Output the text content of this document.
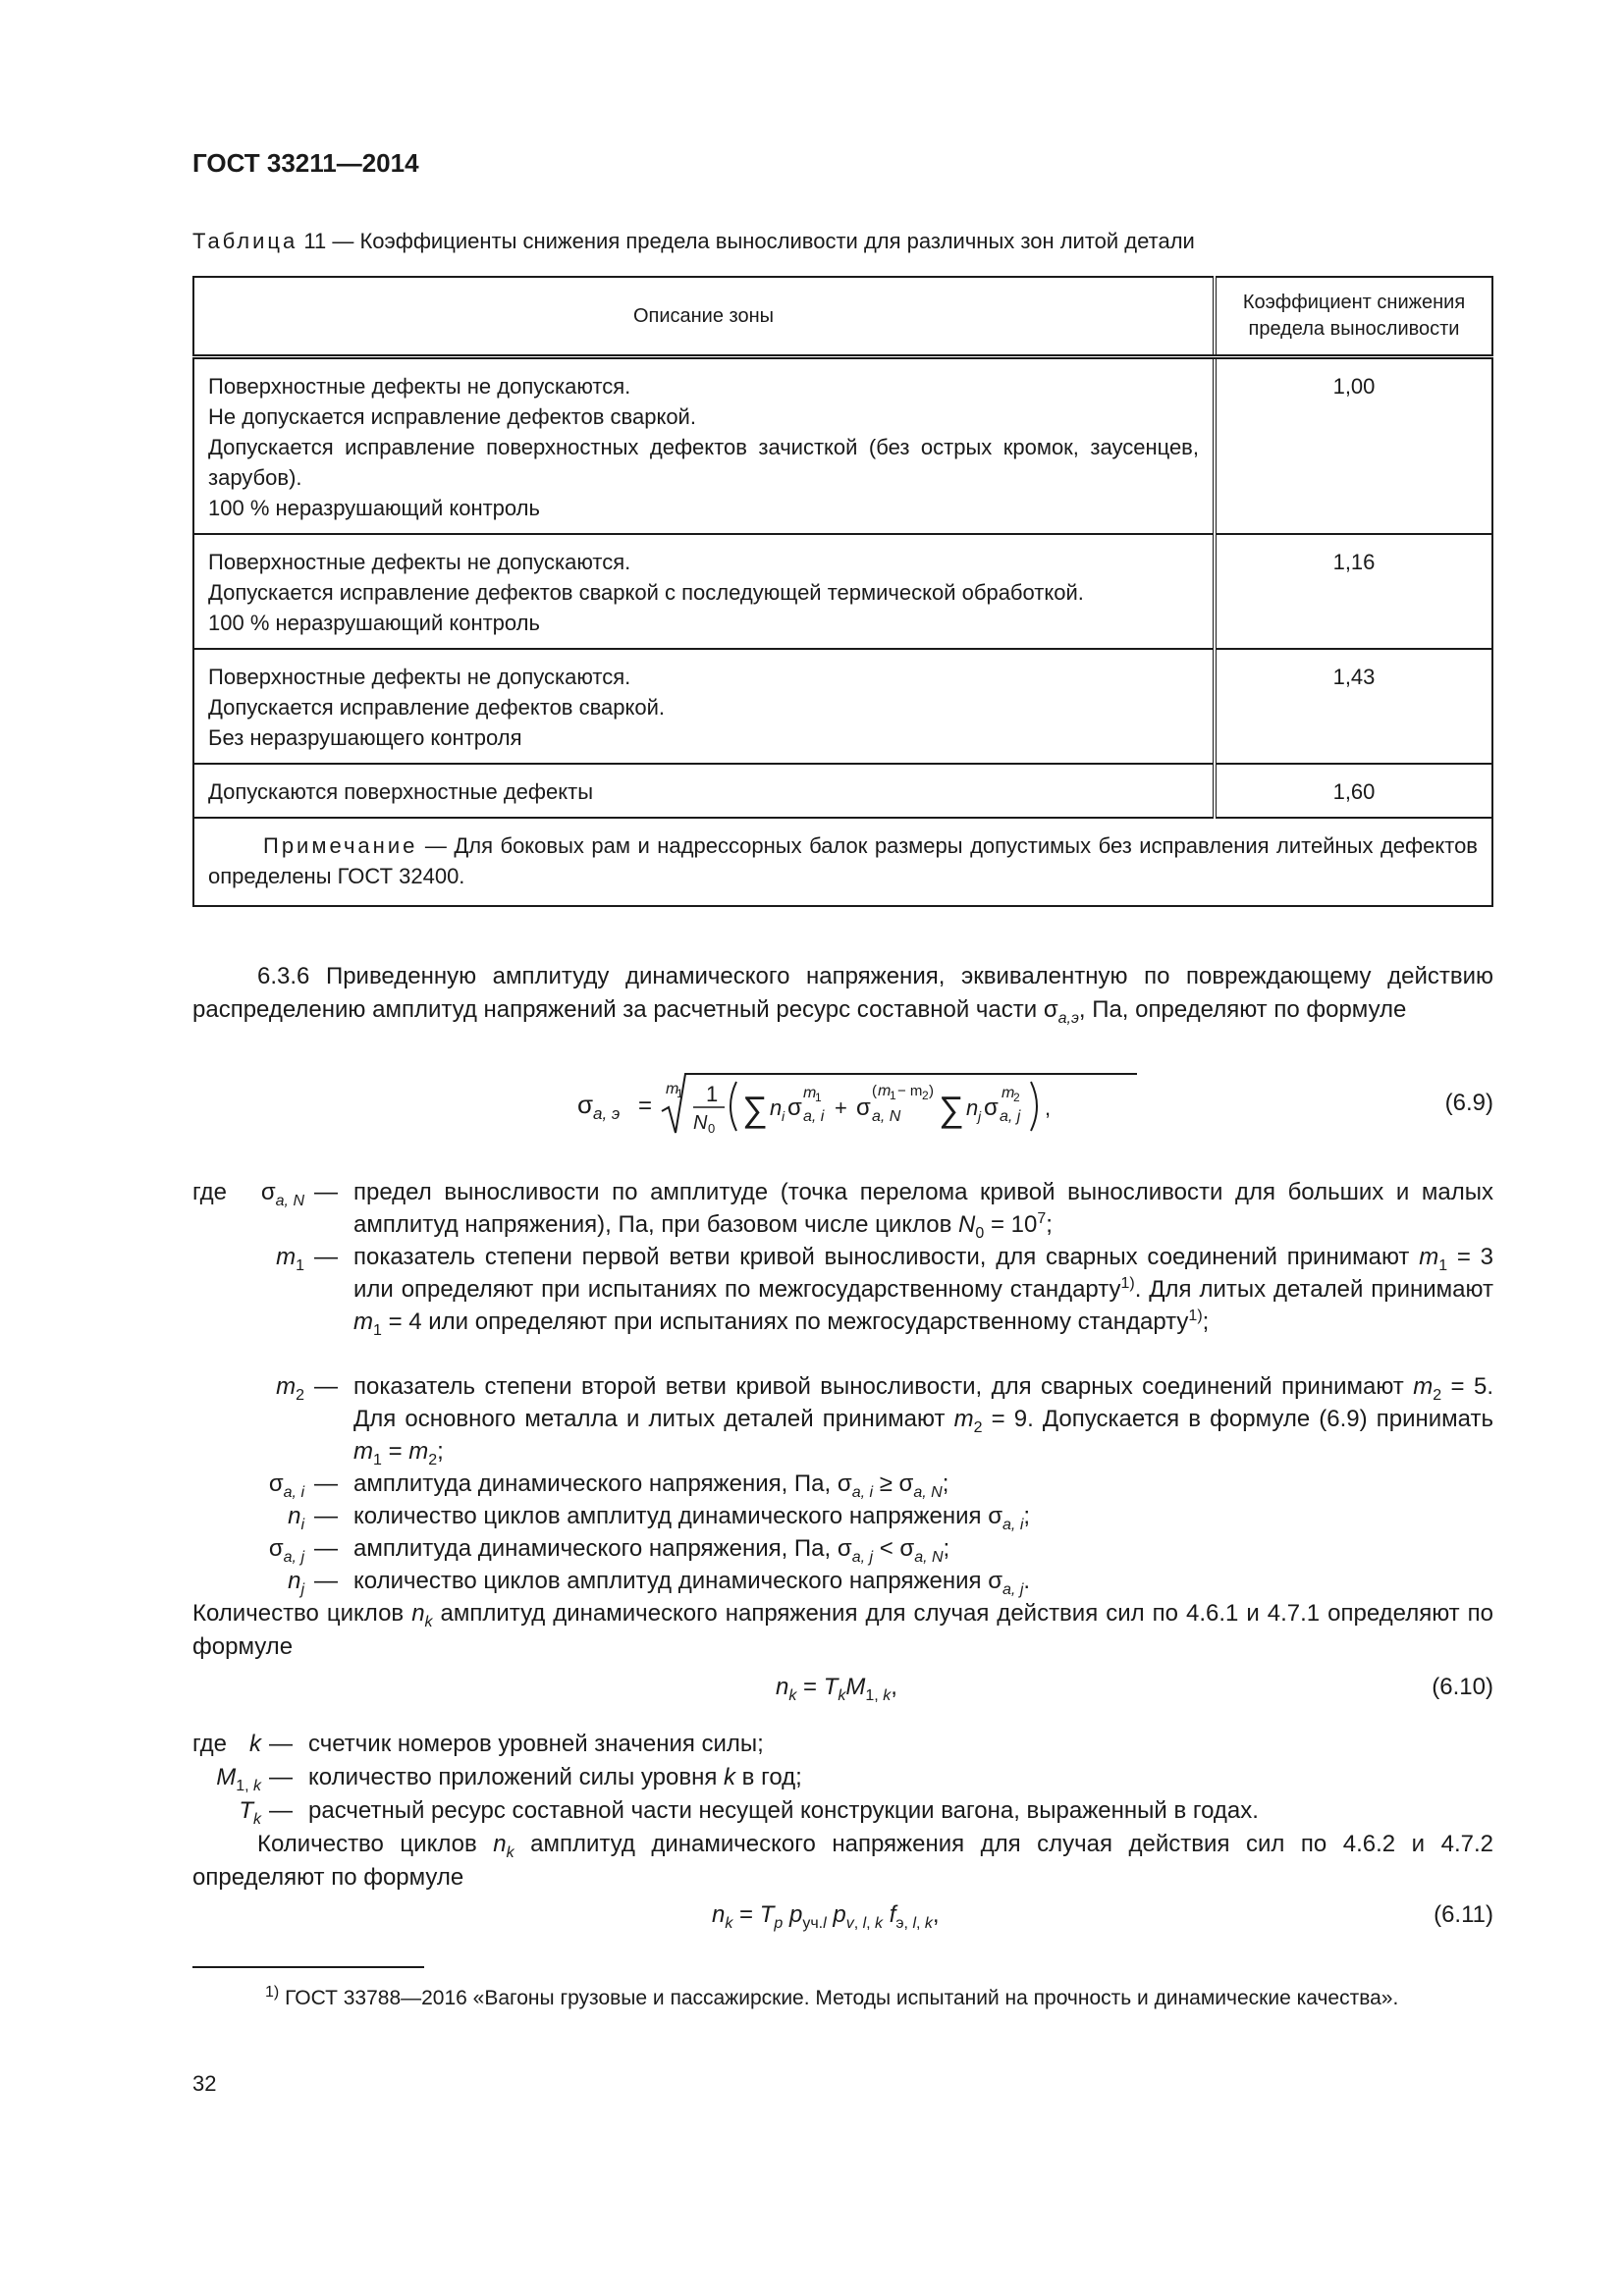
ГОСТ 33211—2014
Таблица 11 — Коэффициенты снижения предела выносливости для различных зон литой детали
Описание зоны	Коэффициент снижения
предела выносливости

Поверхностные дефекты не допускаются.
Не допускается исправление дефектов сваркой.
Допускается исправление поверхностных дефектов зачисткой (без острых кромок, заусенцев, зарубов).
100 % неразрушающий контроль	1,00

Поверхностные дефекты не допускаются.
Допускается исправление дефектов сваркой с последующей термической обработкой.
100 % неразрушающий контроль	1,16

Поверхностные дефекты не допускаются.
Допускается исправление дефектов сваркой.
Без неразрушающего контроля	1,43

Допускаются поверхностные дефекты	1,60
Примечание — Для боковых рам и надрессорных балок размеры допустимых без исправления литейных дефектов определены ГОСТ 32400.	
6.3.6 Приведенную амплитуду динамического напряжения, эквивалентную по повреждающему действию распределению амплитуд напряжений за расчетный ресурс составной части $\sigma_{a,э}$, Па, определяют по формуле
σ a, э =
m
1 1
N 0 ∑ n i σ
m
1
a, i + σ
( m
1 − m 2 )
a, N ∑ n j σ
m
2
a, j ,	(6.9)
где	$\sigma_{a, N}$ — предел выносливости по амплитуде (точка перелома кривой выносливости для больших и малых амплитуд напряжения), Па, при базовом числе циклов $N_0 = 10^7$;
$m_1$ — показатель степени первой ветви кривой выносливости, для сварных соединений принимают $m_1 = 3$ или определяют при испытаниях по межгосударственному стандарту$^{1)}$. Для литых деталей принимают $m_1 = 4$ или определяют при испытаниях по межгосударственному стандарту$^{1)}$;
$m_2$ — показатель степени второй ветви кривой выносливости, для сварных соединений принимают $m_2 = 5$. Для основного металла и литых деталей принимают $m_2 = 9$. Допускается в формуле (6.9) принимать $m_1 = m_2$;
$\sigma_{a, i}$ — амплитуда динамического напряжения, Па, $\sigma_{a, i} \ge \sigma_{a, N}$;
$n_i$ — количество циклов амплитуд динамического напряжения $\sigma_{a, i}$;
$\sigma_{a, j}$ — амплитуда динамического напряжения, Па, $\sigma_{a, j} < \sigma_{a, N}$;
$n_j$ — количество циклов амплитуд динамического напряжения $\sigma_{a, j}$.
Количество циклов $n_k$ амплитуд динамического напряжения для случая действия сил по 4.6.1 и 4.7.1 определяют по формуле
$n_k = T_kM_{1, k}$,	(6.10)
где k — счетчик номеров уровней значения силы;
$M_{1, k}$ — количество приложений силы уровня k в год;
$T_k$ — расчетный ресурс составной части несущей конструкции вагона, выраженный в годах.
Количество циклов $n_k$ амплитуд динамического напряжения для случая действия сил по 4.6.2 и 4.7.2 определяют по формуле
$n_k = T_p$ $p_{уч.l}$ $p_{v, l, k}$ $f_{э, l, k}$,	(6.11)
$^{1)}$ ГОСТ 33788—2016 «Вагоны грузовые и пассажирские. Методы испытаний на прочность и динамические качества».
32
